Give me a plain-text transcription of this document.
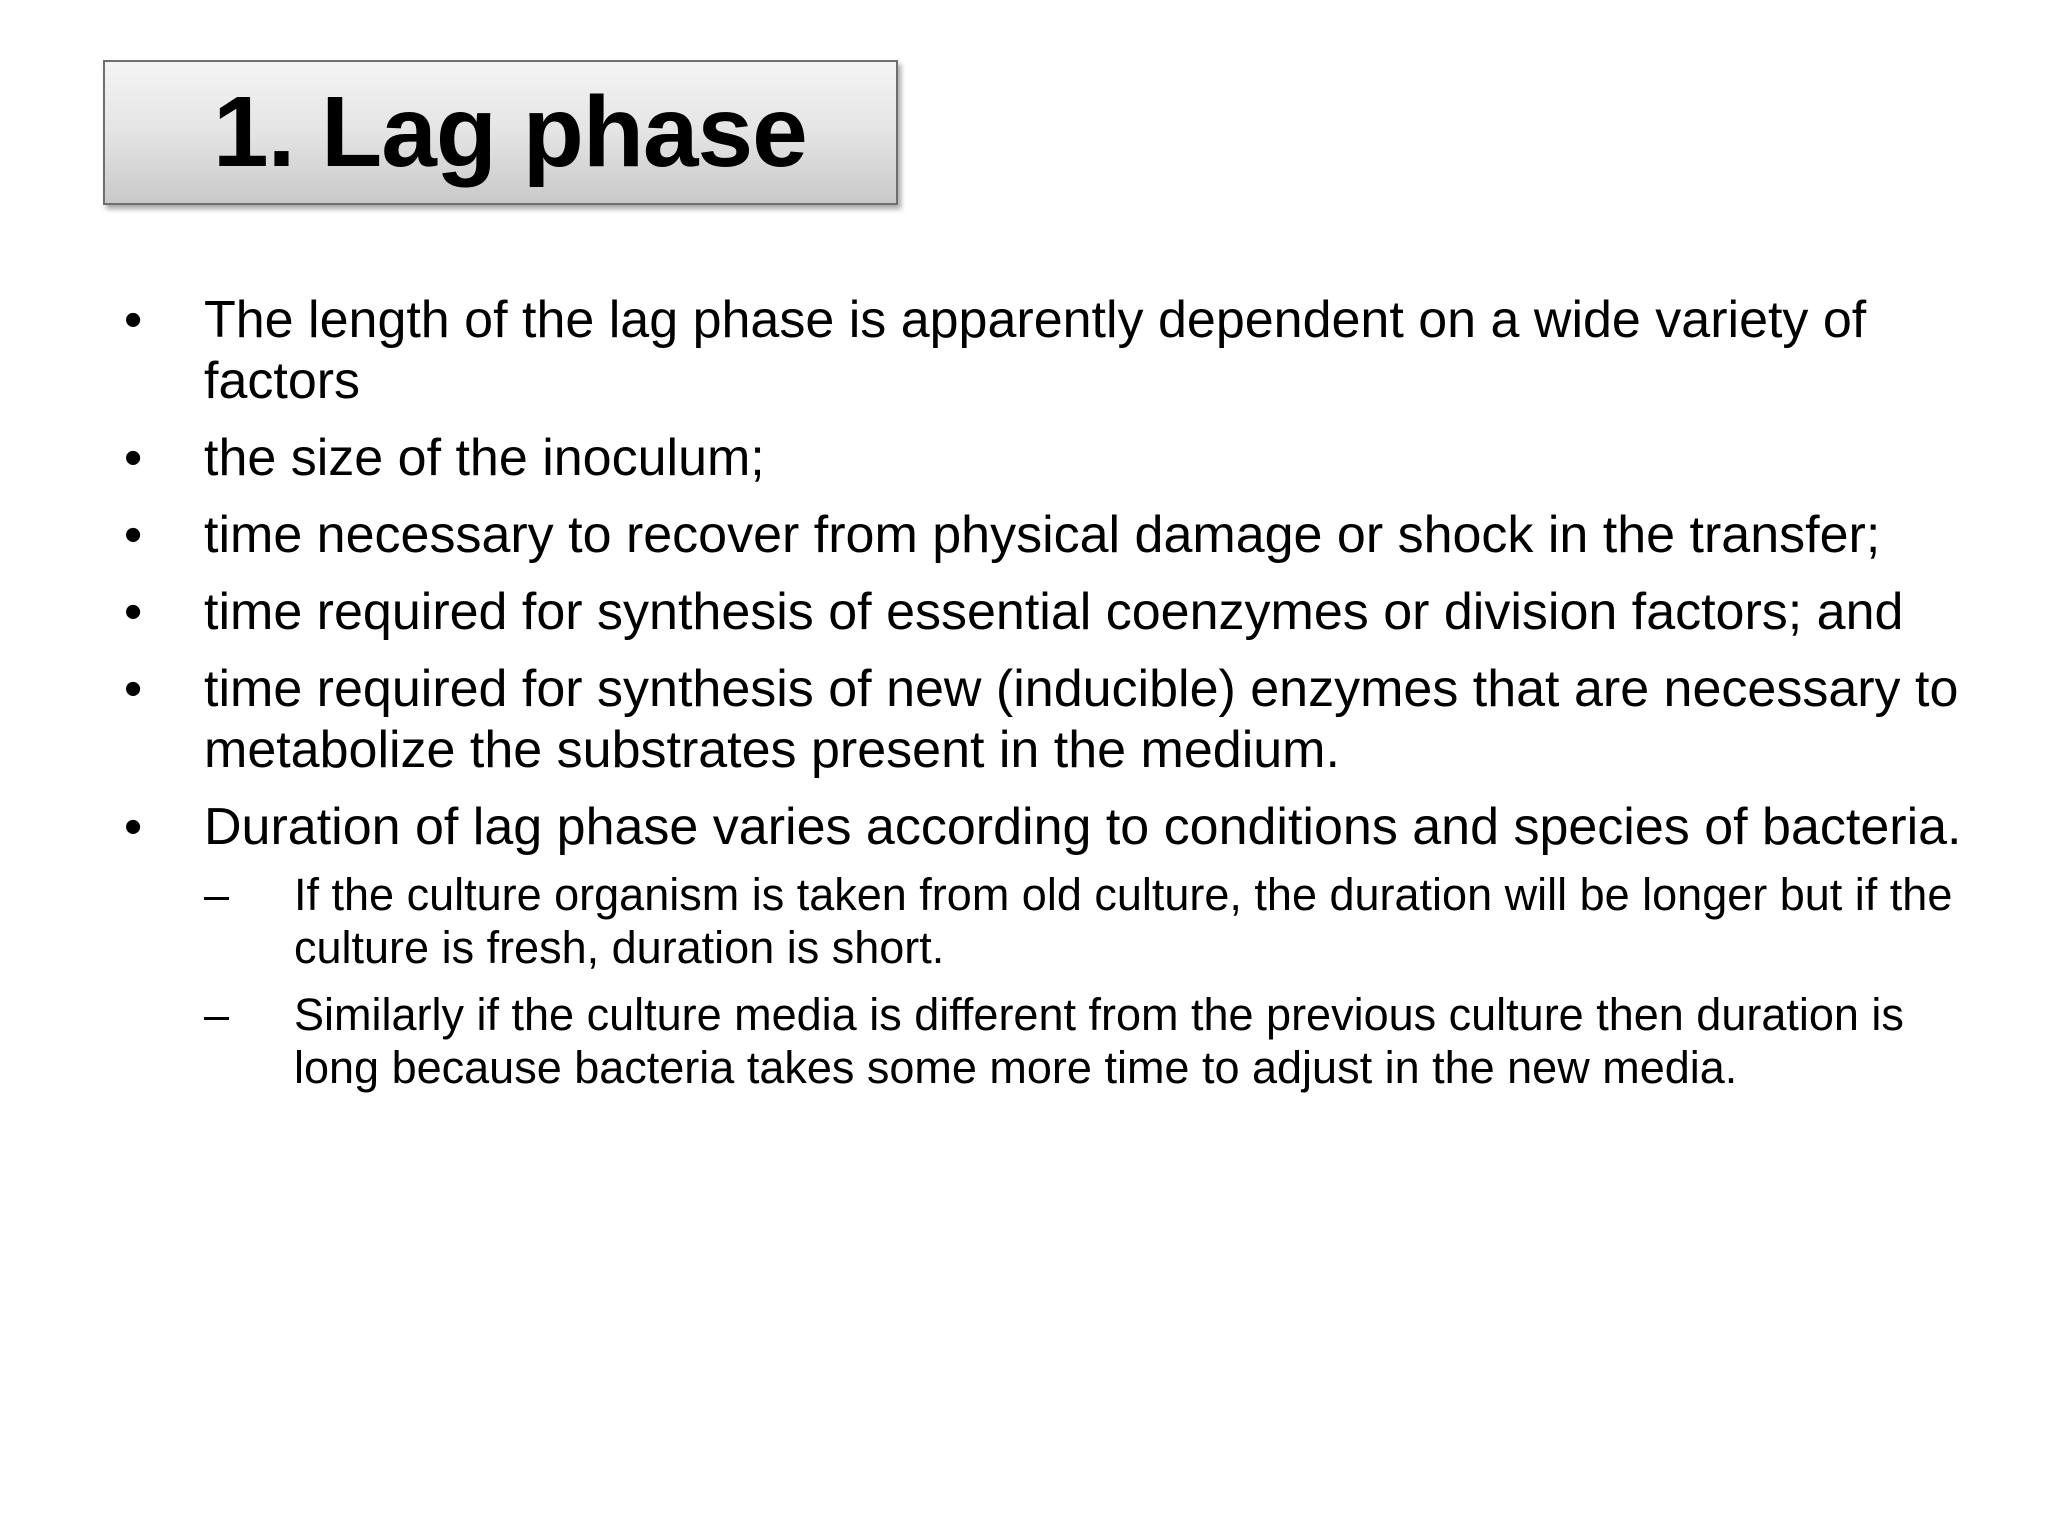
1. Lag phase
• The length of the lag phase is apparently dependent on a wide variety of factors
• the size of the inoculum;
• time necessary to recover from physical damage or shock in the transfer;
• time required for synthesis of essential coenzymes or division factors; and
• time required for synthesis of new (inducible) enzymes that are necessary to metabolize the substrates present in the medium.
• Duration of lag phase varies according to conditions and species of bacteria.
– If the culture organism is taken from old culture, the duration will be longer but if the culture is fresh, duration is short.
– Similarly if the culture media is different from the previous culture then duration is long because bacteria takes some more time to adjust in the new media.
